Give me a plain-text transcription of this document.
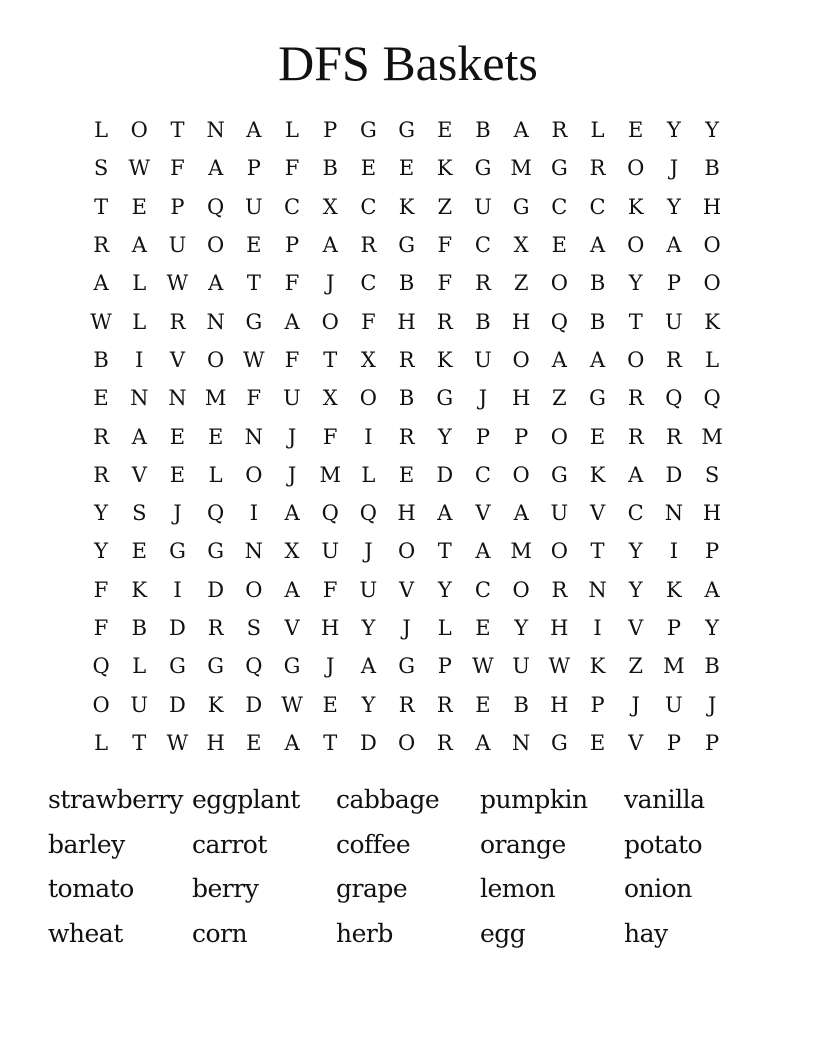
DFS Baskets
L	O	T	N	A	L	P	G	G	E	B	A	R	L	E	Y	Y
S W F	A	P	F	B	E	E	K	G M G	R	O	J	B
T	E	P	Q U	C	X	C	K	Z	U G	C	C	K	Y	H
R	A	U O	E	P	A	R	G	F	C	X	E	A	O	A	O
A	L W A	T	F	J	C	B	F	R	Z	O	B	Y	P	O
W L	R	N G	A	O	F	H	R	B	H Q	B	T	U	K
B	I	V	O W F	T	X	R	K	U O	A	A	O	R	L
E	N N M F	U	X	O	B	G	J	H	Z	G	R	Q Q
R	A	E	E	N	J	F	I	R	Y	P	P	O	E	R	R M
R	V	E	L	O	J	M L	E	D	C	O	G	K	A	D	S
Y	S	J	Q	I	A	Q Q H	A	V	A	U	V	C N H
Y	E	G	G N	X	U	J	O	T	A M O	T	Y	I	P
F	K	I	D	O	A	F	U	V	Y	C	O	R	N	Y	K	A
F	B	D	R	S	V	H	Y	J	L	E	Y	H	I	V	P	Y
Q	L	G	G	Q	G	J	A	G	P W U W K	Z M B
O U D	K	D W E	Y	R	R	E	B	H	P	J	U	J
L	T W H	E	A	T	D	O	R	A	N G	E	V	P	P
strawberry eggplant	cabbage	pumpkin	vanilla
barley	carrot	coffee	orange	potato
tomato	berry	grape	lemon	onion
wheat	corn	herb	egg	hay
